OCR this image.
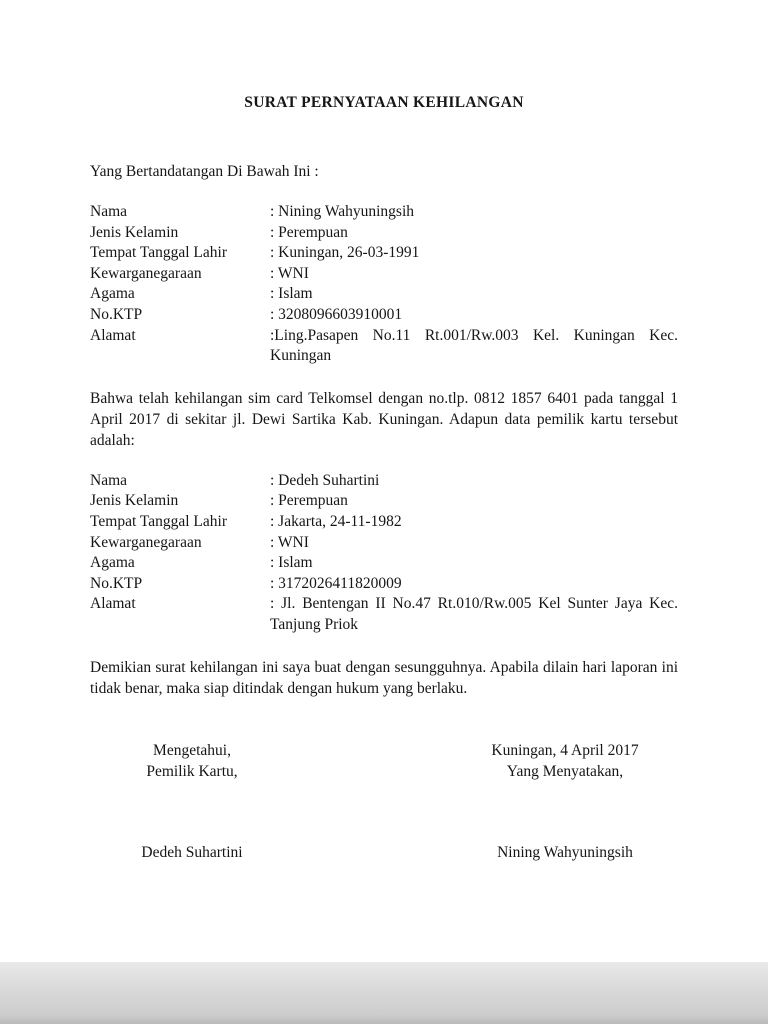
SURAT PERNYATAAN KEHILANGAN

Yang Bertandatangan Di Bawah Ini :

Nama	: Nining Wahyuningsih
Jenis Kelamin	: Perempuan
Tempat Tanggal Lahir	: Kuningan, 26-03-1991
Kewarganegaraan	: WNI
Agama	: Islam
No.KTP	: 3208096603910001
Alamat	:Ling.Pasapen No.11 Rt.001/Rw.003 Kel. Kuningan Kec. Kuningan

Bahwa telah kehilangan sim card Telkomsel dengan no.tlp. 0812 1857 6401 pada tanggal 1 April 2017 di sekitar jl. Dewi Sartika Kab. Kuningan. Adapun data pemilik kartu tersebut adalah:

Nama	: Dedeh Suhartini
Jenis Kelamin	: Perempuan
Tempat Tanggal Lahir	: Jakarta, 24-11-1982
Kewarganegaraan	: WNI
Agama	: Islam
No.KTP	: 3172026411820009
Alamat	: Jl. Bentengan II No.47 Rt.010/Rw.005 Kel Sunter Jaya Kec. Tanjung Priok

Demikian surat kehilangan ini saya buat dengan sesungguhnya. Apabila dilain hari laporan ini tidak benar, maka siap ditindak dengan hukum yang berlaku.

Mengetahui,
Pemilik Kartu,
Dedeh Suhartini
Kuningan, 4 April 2017
Yang Menyatakan,
Nining Wahyuningsih
